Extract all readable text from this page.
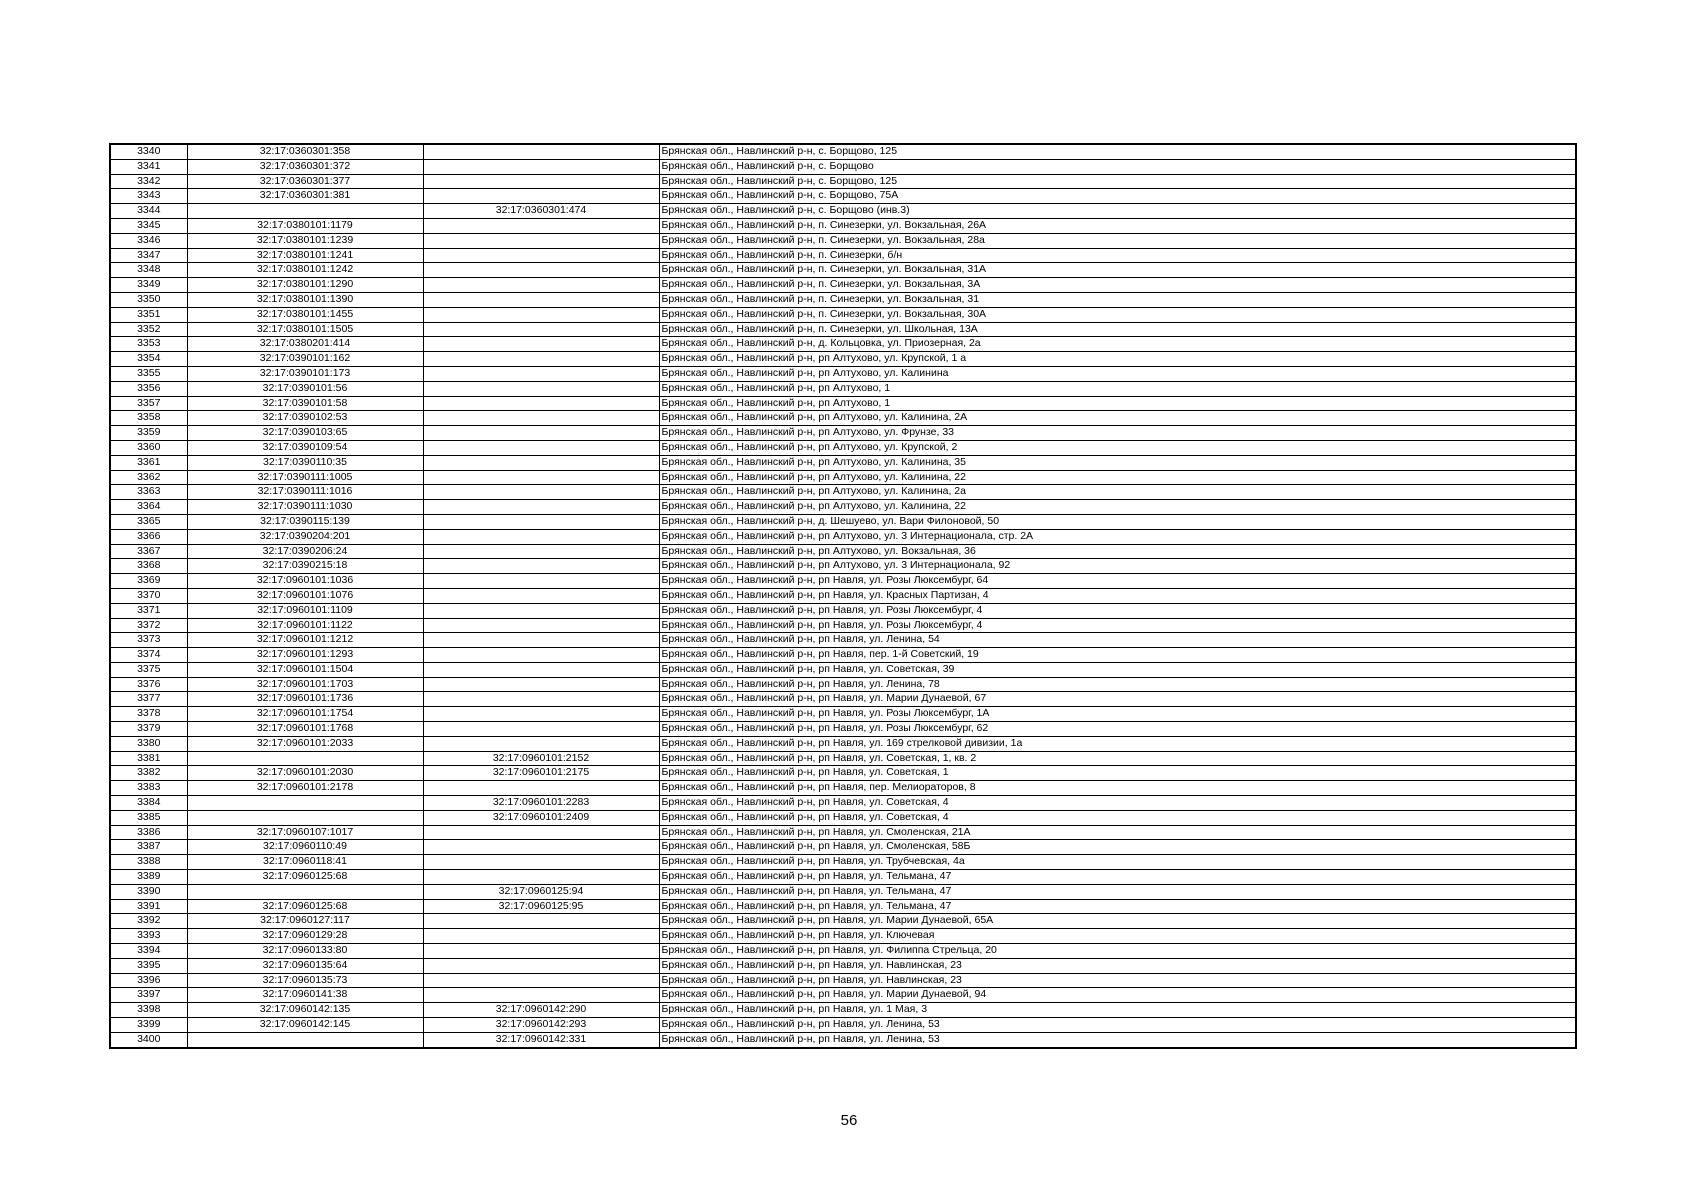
3340	32:17:0360301:358		Брянская обл., Навлинский р-н, с. Борщово, 125
3341	32:17:0360301:372		Брянская обл., Навлинский р-н, с. Борщово
3342	32:17:0360301:377		Брянская обл., Навлинский р-н, с. Борщово, 125
3343	32:17:0360301:381		Брянская обл., Навлинский р-н, с. Борщово, 75А
3344		32:17:0360301:474	Брянская обл., Навлинский р-н, с. Борщово (инв.3)
3345	32:17:0380101:1179		Брянская обл., Навлинский р-н, п. Синезерки, ул. Вокзальная, 26А
3346	32:17:0380101:1239		Брянская обл., Навлинский р-н, п. Синезерки, ул. Вокзальная, 28а
3347	32:17:0380101:1241		Брянская обл., Навлинский р-н, п. Синезерки, б/н
3348	32:17:0380101:1242		Брянская обл., Навлинский р-н, п. Синезерки, ул. Вокзальная, 31А
3349	32:17:0380101:1290		Брянская обл., Навлинский р-н, п. Синезерки, ул. Вокзальная, 3А
3350	32:17:0380101:1390		Брянская обл., Навлинский р-н, п. Синезерки, ул. Вокзальная, 31
3351	32:17:0380101:1455		Брянская обл., Навлинский р-н, п. Синезерки, ул. Вокзальная, 30А
3352	32:17:0380101:1505		Брянская обл., Навлинский р-н, п. Синезерки, ул. Школьная, 13А
3353	32:17:0380201:414		Брянская обл., Навлинский р-н, д. Кольцовка, ул. Приозерная, 2а
3354	32:17:0390101:162		Брянская обл., Навлинский р-н, рп Алтухово, ул. Крупской, 1 а
3355	32:17:0390101:173		Брянская обл., Навлинский р-н, рп Алтухово, ул. Калинина
3356	32:17:0390101:56		Брянская обл., Навлинский р-н, рп Алтухово, 1
3357	32:17:0390101:58		Брянская обл., Навлинский р-н, рп Алтухово, 1
3358	32:17:0390102:53		Брянская обл., Навлинский р-н, рп Алтухово, ул. Калинина, 2А
3359	32:17:0390103:65		Брянская обл., Навлинский р-н, рп Алтухово, ул. Фрунзе, 33
3360	32:17:0390109:54		Брянская обл., Навлинский р-н, рп Алтухово, ул. Крупской, 2
3361	32:17:0390110:35		Брянская обл., Навлинский р-н, рп Алтухово, ул. Калинина, 35
3362	32:17:0390111:1005		Брянская обл., Навлинский р-н, рп Алтухово, ул. Калинина, 22
3363	32:17:0390111:1016		Брянская обл., Навлинский р-н, рп Алтухово, ул. Калинина, 2а
3364	32:17:0390111:1030		Брянская обл., Навлинский р-н, рп Алтухово, ул. Калинина, 22
3365	32:17:0390115:139		Брянская обл., Навлинский р-н, д. Шешуево, ул. Вари Филоновой, 50
3366	32:17:0390204:201		Брянская обл., Навлинский р-н, рп Алтухово, ул. 3 Интернационала, стр. 2А
3367	32:17:0390206:24		Брянская обл., Навлинский р-н, рп Алтухово, ул. Вокзальная, 36
3368	32:17:0390215:18		Брянская обл., Навлинский р-н, рп Алтухово, ул. 3 Интернационала, 92
3369	32:17:0960101:1036		Брянская обл., Навлинский р-н, рп Навля, ул. Розы Люксембург, 64
3370	32:17:0960101:1076		Брянская обл., Навлинский р-н, рп Навля, ул. Красных Партизан, 4
3371	32:17:0960101:1109		Брянская обл., Навлинский р-н, рп Навля, ул. Розы Люксембург, 4
3372	32:17:0960101:1122		Брянская обл., Навлинский р-н, рп Навля, ул. Розы Люксембург, 4
3373	32:17:0960101:1212		Брянская обл., Навлинский р-н, рп Навля, ул. Ленина, 54
3374	32:17:0960101:1293		Брянская обл., Навлинский р-н, рп Навля, пер. 1-й Советский, 19
3375	32:17:0960101:1504		Брянская обл., Навлинский р-н, рп Навля, ул. Советская, 39
3376	32:17:0960101:1703		Брянская обл., Навлинский р-н, рп Навля, ул. Ленина, 78
3377	32:17:0960101:1736		Брянская обл., Навлинский р-н, рп Навля, ул. Марии Дунаевой, 67
3378	32:17:0960101:1754		Брянская обл., Навлинский р-н, рп Навля, ул. Розы Люксембург, 1А
3379	32:17:0960101:1768		Брянская обл., Навлинский р-н, рп Навля, ул. Розы Люксембург, 62
3380	32:17:0960101:2033		Брянская обл., Навлинский р-н, рп Навля, ул. 169 стрелковой дивизии, 1а
3381		32:17:0960101:2152	Брянская обл., Навлинский р-н, рп Навля, ул. Советская, 1, кв. 2
3382	32:17:0960101:2030	32:17:0960101:2175	Брянская обл., Навлинский р-н, рп Навля, ул. Советская, 1
3383	32:17:0960101:2178		Брянская обл., Навлинский р-н, рп Навля, пер. Мелиораторов, 8
3384		32:17:0960101:2283	Брянская обл., Навлинский р-н, рп Навля, ул. Советская, 4
3385		32:17:0960101:2409	Брянская обл., Навлинский р-н, рп Навля, ул. Советская, 4
3386	32:17:0960107:1017		Брянская обл., Навлинский р-н, рп Навля, ул. Смоленская, 21А
3387	32:17:0960110:49		Брянская обл., Навлинский р-н, рп Навля, ул. Смоленская, 58Б
3388	32:17:0960118:41		Брянская обл., Навлинский р-н, рп Навля, ул. Трубчевская, 4а
3389	32:17:0960125:68		Брянская обл., Навлинский р-н, рп Навля, ул. Тельмана, 47
3390		32:17:0960125:94	Брянская обл., Навлинский р-н, рп Навля, ул. Тельмана, 47
3391	32:17:0960125:68	32:17:0960125:95	Брянская обл., Навлинский р-н, рп Навля, ул. Тельмана, 47
3392	32:17:0960127:117		Брянская обл., Навлинский р-н, рп Навля, ул. Марии Дунаевой, 65А
3393	32:17:0960129:28		Брянская обл., Навлинский р-н, рп Навля, ул. Ключевая
3394	32:17:0960133:80		Брянская обл., Навлинский р-н, рп Навля, ул. Филиппа Стрельца, 20
3395	32:17:0960135:64		Брянская обл., Навлинский р-н, рп Навля, ул. Навлинская, 23
3396	32:17:0960135:73		Брянская обл., Навлинский р-н, рп Навля, ул. Навлинская, 23
3397	32:17:0960141:38		Брянская обл., Навлинский р-н, рп Навля, ул. Марии Дунаевой, 94
3398	32:17:0960142:135	32:17:0960142:290	Брянская обл., Навлинский р-н, рп Навля, ул. 1 Мая, 3
3399	32:17:0960142:145	32:17:0960142:293	Брянская обл., Навлинский р-н, рп Навля, ул. Ленина, 53
3400		32:17:0960142:331	Брянская обл., Навлинский р-н, рп Навля, ул. Ленина, 53
56
